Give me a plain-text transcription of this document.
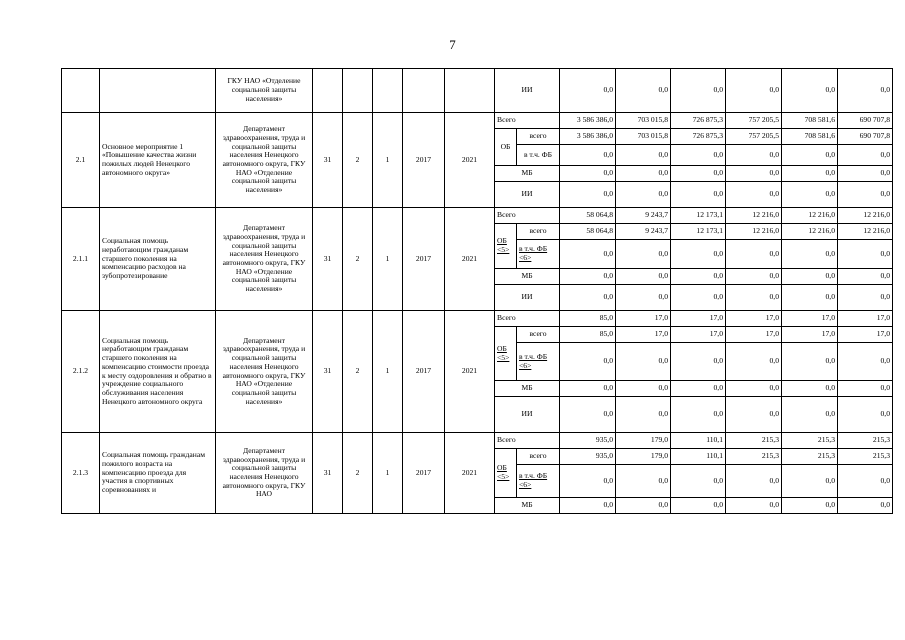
7
		ГКУ НАО «Отделение социальной защиты населения»						ИИ		0,0	0,0	0,0	0,0	0,0	0,0
2.1	Основное мероприятие 1 «Повышение качества жизни пожилых людей Ненецкого автономного округа»	Департамент здравоохранения, труда и социальной защиты населения Ненецкого автономного округа, ГКУ НАО «Отделение социальной защиты населения»	31	2	1	2017	2021	Всего		3 586 386,0	703 015,8	726 875,3	757 205,5	708 581,6	690 707,8
								ОБ	всего	3 586 386,0	703 015,8	726 875,3	757 205,5	708 581,6	690 707,8
									в т.ч. ФБ	0,0	0,0	0,0	0,0	0,0	0,0
								МБ		0,0	0,0	0,0	0,0	0,0	0,0
								ИИ		0,0	0,0	0,0	0,0	0,0	0,0
2.1.1	Социальная помощь неработающим гражданам старшего поколения на компенсацию расходов на зубопротезирование	Департамент здравоохранения, труда и социальной защиты населения Ненецкого автономного округа, ГКУ НАО «Отделение социальной защиты населения»	31	2	1	2017	2021	Всего		58 064,8	9 243,7	12 173,1	12 216,0	12 216,0	12 216,0
								ОБ <5>	всего	58 064,8	9 243,7	12 173,1	12 216,0	12 216,0	12 216,0
									в т.ч. ФБ <6>	0,0	0,0	0,0	0,0	0,0	0,0
								МБ		0,0	0,0	0,0	0,0	0,0	0,0
								ИИ		0,0	0,0	0,0	0,0	0,0	0,0
2.1.2	Социальная помощь неработающим гражданам старшего поколения на компенсацию стоимости проезда к месту оздоровления и обратно в учреждение социального обслуживания населения Ненецкого автономного округа	Департамент здравоохранения, труда и социальной защиты населения Ненецкого автономного округа, ГКУ НАО «Отделение социальной защиты населения»	31	2	1	2017	2021	Всего		85,0	17,0	17,0	17,0	17,0	17,0
								ОБ <5>	всего	85,0	17,0	17,0	17,0	17,0	17,0
									в т.ч. ФБ <6>	0,0	0,0	0,0	0,0	0,0	0,0
								МБ		0,0	0,0	0,0	0,0	0,0	0,0
								ИИ		0,0	0,0	0,0	0,0	0,0	0,0
2.1.3	Социальная помощь гражданам пожилого возраста на компенсацию проезда для участия в спортивных соревнованиях и	Департамент здравоохранения, труда и социальной защиты населения Ненецкого автономного округа, ГКУ НАО	31	2	1	2017	2021	Всего		935,0	179,0	110,1	215,3	215,3	215,3
								ОБ <5>	всего	935,0	179,0	110,1	215,3	215,3	215,3
									в т.ч. ФБ <6>	0,0	0,0	0,0	0,0	0,0	0,0
								МБ		0,0	0,0	0,0	0,0	0,0	0,0
